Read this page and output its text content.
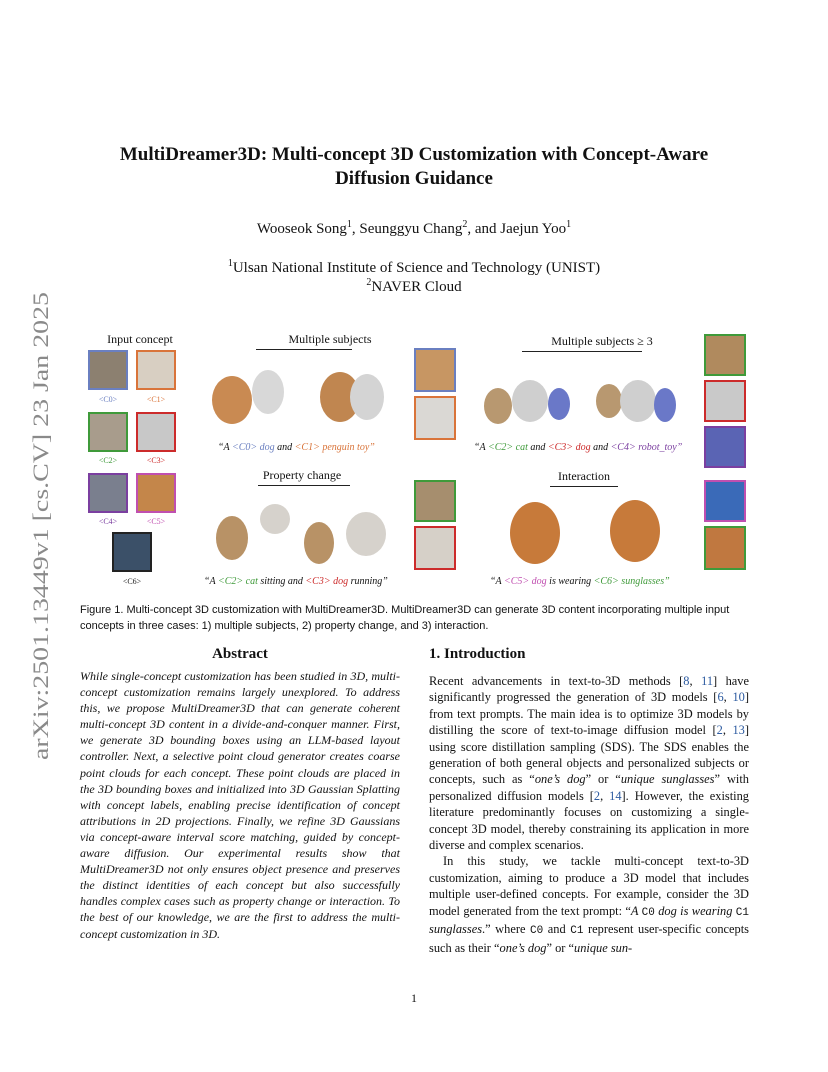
arXiv:2501.13449v1 [cs.CV] 23 Jan 2025
MultiDreamer3D: Multi-concept 3D Customization with Concept-Aware
Diffusion Guidance
Wooseok Song$^1$, Seunggyu Chang$^2$, and Jaejun Yoo$^1$
$^1$Ulsan National Institute of Science and Technology (UNIST)
$^2$NAVER Cloud
Input concept
<C0>	<C1>
<C2>	<C3>
<C4>	<C5>
<C6>
Multiple subjects
“A <C0> dog and <C1> penguin toy”
Multiple subjects ≥ 3
“A <C2> cat and <C3> dog and <C4> robot_toy”
Property change
“A <C2> cat sitting and <C3> dog running”
Interaction
“A <C5> dog is wearing <C6> sunglasses”
Figure 1. Multi-concept 3D customization with MultiDreamer3D. MultiDreamer3D can generate 3D content incorporating multiple input concepts in three cases: 1) multiple subjects, 2) property change, and 3) interaction.
Abstract
While single-concept customization has been studied in 3D, multi-concept customization remains largely unexplored. To address this, we propose MultiDreamer3D that can generate coherent multi-concept 3D content in a divide-and-conquer manner. First, we generate 3D bounding boxes using an LLM-based layout controller. Next, a selective point cloud generator creates coarse point clouds for each concept. These point clouds are placed in the 3D bounding boxes and initialized into 3D Gaussian Splatting with concept labels, enabling precise identification of concept attributions in 2D projections. Finally, we refine 3D Gaussians via concept-aware interval score matching, guided by concept-aware diffusion. Our experimental results show that MultiDreamer3D not only ensures object presence and preserves the distinct identities of each concept but also successfully handles complex cases such as property change or interaction. To the best of our knowledge, we are the first to address the multi-concept customization in 3D.
1. Introduction

Recent advancements in text-to-3D methods [8, 11] have significantly progressed the generation of 3D models [6, 10] from text prompts. The main idea is to optimize 3D models by distilling the score of text-to-image diffusion model [2, 13] using score distillation sampling (SDS). The SDS enables the generation of both general objects and personalized subjects or concepts, such as “one’s dog” or “unique sunglasses” with personalized diffusion models [2, 14]. However, the existing literature predominantly focuses on customizing a single-concept 3D model, thereby constraining its application in more diverse and complex scenarios.

In this study, we tackle multi-concept text-to-3D customization, aiming to produce a 3D model that includes multiple user-defined concepts. For example, consider the 3D model generated from the text prompt: “A C0 dog is wearing C1 sunglasses.” where C0 and C1 represent user-specific concepts such as their “one’s dog” or “unique sun-

1
